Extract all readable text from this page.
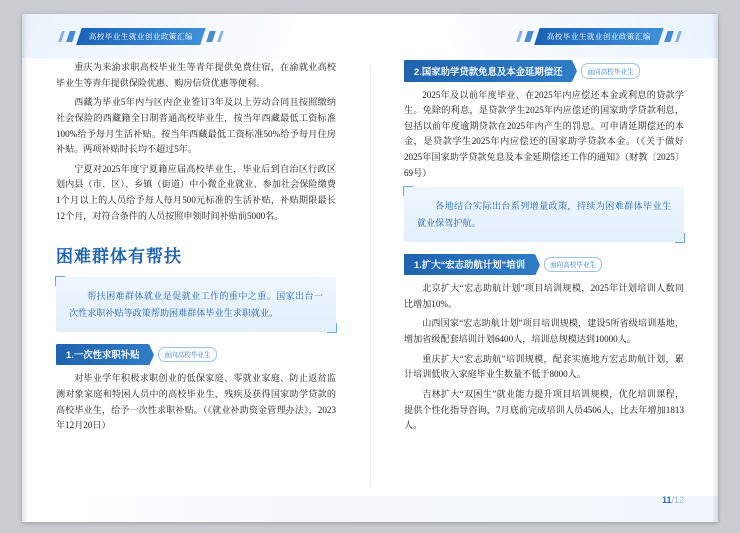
高校毕业生就业创业政策汇编	高校毕业生就业创业政策汇编

重庆为来渝求职高校毕业生等青年提供免费住宿，在渝就业高校毕业生等青年提供保险优惠、购房信贷优惠等便利。

西藏为毕业5年内与区内企业签订3年及以上劳动合同且按照缴纳社会保险的西藏籍全日制普通高校毕业生，按当年西藏最低工资标准100%给予每月生活补贴。按当年西藏最低工资标准50%给予每月住房补贴。两项补贴时长均不超过5年。

宁夏对2025年度宁夏籍应届高校毕业生，毕业后到自治区行政区划内县（市、区）、乡镇（街道）中小微企业就业、参加社会保险缴费1个月以上的人员给予每人每月500元标准的生活补贴，补贴期限最长12个月，对符合条件的人员按照申领时间补贴前5000名。

困难群体有帮扶
帮扶困难群体就业是促就业工作的重中之重。国家出台一次性求职补贴等政策帮助困难群体毕业生求职就业。
1.一次性求职补贴	面向高校毕业生

对毕业学年积极求职创业的低保家庭、零就业家庭、防止返贫监测对象家庭和特困人员中的高校毕业生，残疾及获得国家助学贷款的高校毕业生，给予一次性求职补贴。（《就业补助资金管理办法》，2023年12月20日）

2.国家助学贷款免息及本金延期偿还	面向高校毕业生

2025年及以前年度毕业、在2025年内应偿还本金或利息的贷款学生。免除的利息，是贷款学生2025年内应偿还的国家助学贷款利息，包括以前年度逾期贷款在2025年内产生的罚息。可申请延期偿还的本金，是贷款学生2025年内应偿还的国家助学贷款本金。（《关于做好2025年国家助学贷款免息及本金延期偿还工作的通知》（财教〔2025〕69号）

各地结合实际出台系列增量政策，持续为困难群体毕业生就业保驾护航。
1.扩大“宏志助航计划”培训	面向高校毕业生

北京扩大“宏志助航计划”项目培训规模，2025年计划培训人数同比增加10%。

山西国家“宏志助航计划”项目培训规模，建设5所省级培训基地，增加省级配套培训计划6400人，培训总规模达到10000人。

重庆扩大“宏志助航”培训规模，配套实施地方宏志助航计划，累计培训低收入家庭毕业生数量不低于8000人。

吉林扩大“双困生”就业能力提升项目培训规模，优化培训课程，提供个性化指导咨询，7月底前完成培训人员4506人，比去年增加1813人。

11/12
